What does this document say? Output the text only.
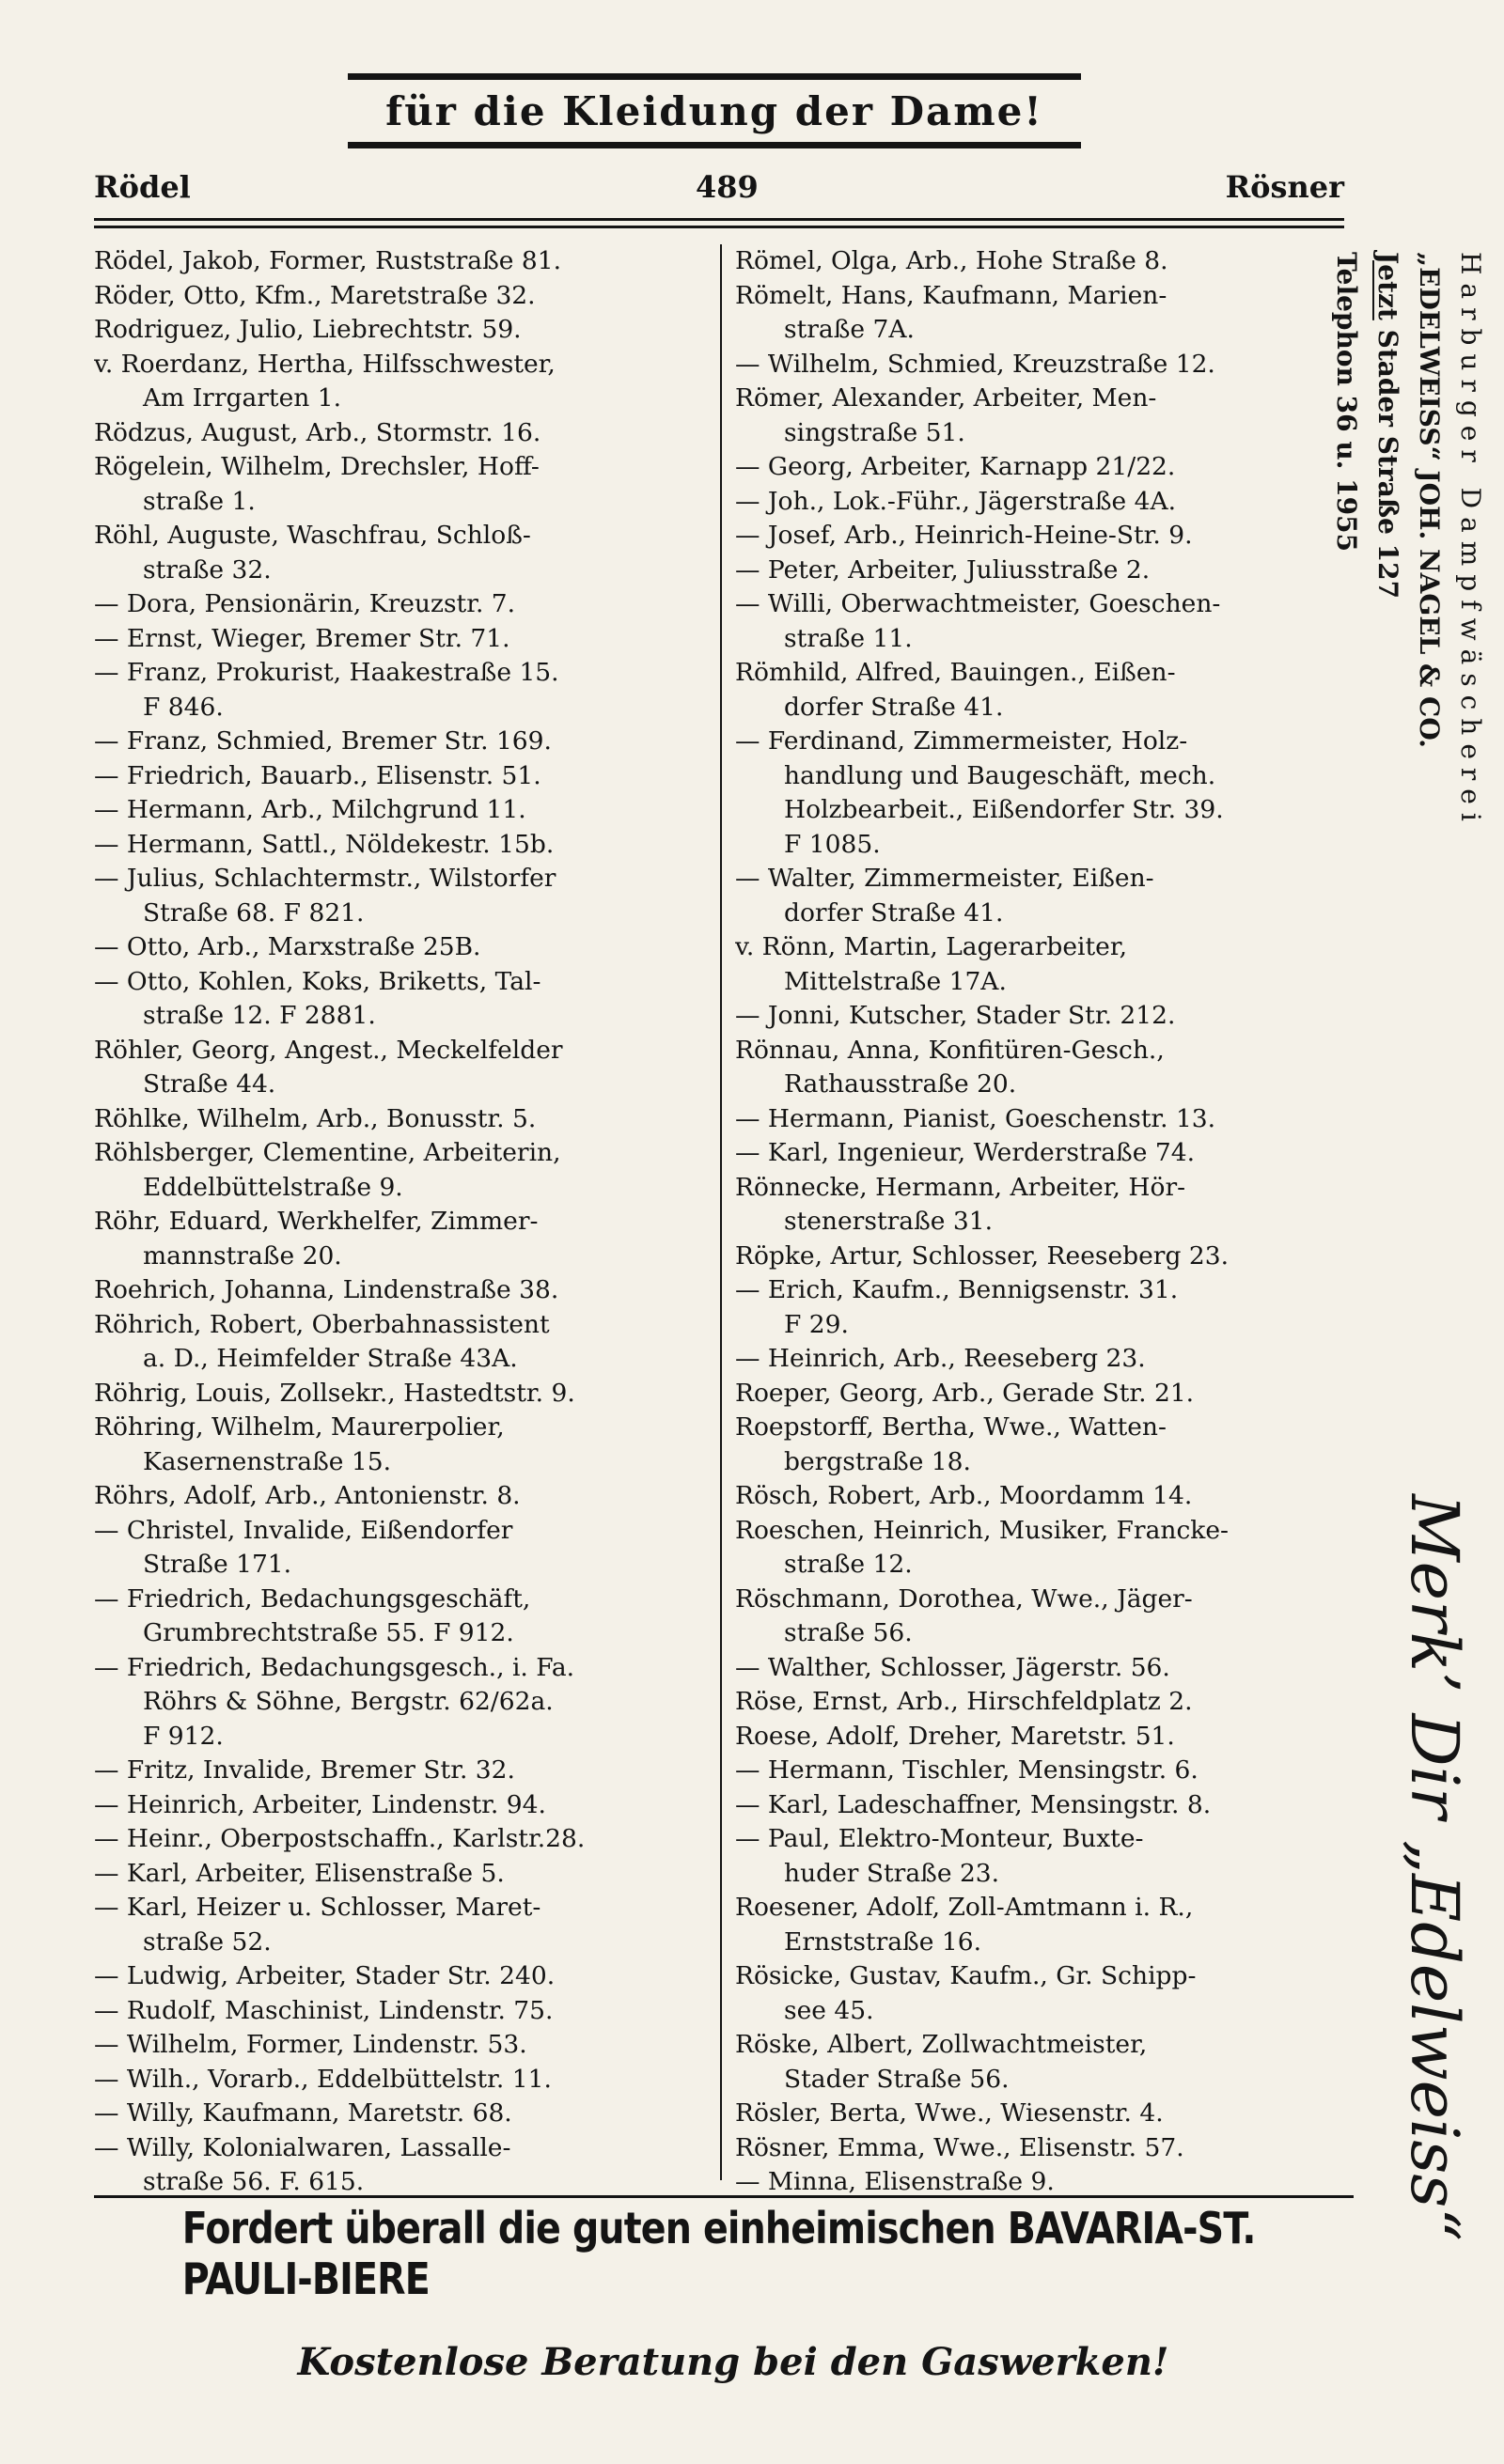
für die Kleidung der Dame!
Rödel	489	Rösner
Rödel, Jakob, Former, Ruststraße 81.
Röder, Otto, Kfm., Maretstraße 32.
Rodriguez, Julio, Liebrechtstr. 59.
v. Roerdanz, Hertha, Hilfsschwester,
Am Irrgarten 1.
Rödzus, August, Arb., Stormstr. 16.
Rögelein, Wilhelm, Drechsler, Hoff-
straße 1.
Röhl, Auguste, Waschfrau, Schloß-
straße 32.
— Dora, Pensionärin, Kreuzstr. 7.
— Ernst, Wieger, Bremer Str. 71.
— Franz, Prokurist, Haakestraße 15.
F 846.
— Franz, Schmied, Bremer Str. 169.
— Friedrich, Bauarb., Elisenstr. 51.
— Hermann, Arb., Milchgrund 11.
— Hermann, Sattl., Nöldekestr. 15b.
— Julius, Schlachtermstr., Wilstorfer
Straße 68. F 821.
— Otto, Arb., Marxstraße 25B.
— Otto, Kohlen, Koks, Briketts, Tal-
straße 12. F 2881.
Röhler, Georg, Angest., Meckelfelder
Straße 44.
Röhlke, Wilhelm, Arb., Bonusstr. 5.
Röhlsberger, Clementine, Arbeiterin,
Eddelbüttelstraße 9.
Röhr, Eduard, Werkhelfer, Zimmer-
mannstraße 20.
Roehrich, Johanna, Lindenstraße 38.
Röhrich, Robert, Oberbahnassistent
a. D., Heimfelder Straße 43A.
Röhrig, Louis, Zollsekr., Hastedtstr. 9.
Röhring, Wilhelm, Maurerpolier,
Kasernenstraße 15.
Röhrs, Adolf, Arb., Antonienstr. 8.
— Christel, Invalide, Eißendorfer
Straße 171.
— Friedrich, Bedachungsgeschäft,
Grumbrechtstraße 55. F 912.
— Friedrich, Bedachungsgesch., i. Fa.
Röhrs & Söhne, Bergstr. 62/62a.
F 912.
— Fritz, Invalide, Bremer Str. 32.
— Heinrich, Arbeiter, Lindenstr. 94.
— Heinr., Oberpostschaffn., Karlstr.28.
— Karl, Arbeiter, Elisenstraße 5.
— Karl, Heizer u. Schlosser, Maret-
straße 52.
— Ludwig, Arbeiter, Stader Str. 240.
— Rudolf, Maschinist, Lindenstr. 75.
— Wilhelm, Former, Lindenstr. 53.
— Wilh., Vorarb., Eddelbüttelstr. 11.
— Willy, Kaufmann, Maretstr. 68.
— Willy, Kolonialwaren, Lassalle-
straße 56. F. 615.
Römel, Olga, Arb., Hohe Straße 8.
Römelt, Hans, Kaufmann, Marien-
straße 7A.
— Wilhelm, Schmied, Kreuzstraße 12.
Römer, Alexander, Arbeiter, Men-
singstraße 51.
— Georg, Arbeiter, Karnapp 21/22.
— Joh., Lok.-Führ., Jägerstraße 4A.
— Josef, Arb., Heinrich-Heine-Str. 9.
— Peter, Arbeiter, Juliusstraße 2.
— Willi, Oberwachtmeister, Goeschen-
straße 11.
Römhild, Alfred, Bauingen., Eißen-
dorfer Straße 41.
— Ferdinand, Zimmermeister, Holz-
handlung und Baugeschäft, mech.
Holzbearbeit., Eißendorfer Str. 39.
F 1085.
— Walter, Zimmermeister, Eißen-
dorfer Straße 41.
v. Rönn, Martin, Lagerarbeiter,
Mittelstraße 17A.
— Jonni, Kutscher, Stader Str. 212.
Rönnau, Anna, Konfitüren-Gesch.,
Rathausstraße 20.
— Hermann, Pianist, Goeschenstr. 13.
— Karl, Ingenieur, Werderstraße 74.
Rönnecke, Hermann, Arbeiter, Hör-
stenerstraße 31.
Röpke, Artur, Schlosser, Reeseberg 23.
— Erich, Kaufm., Bennigsenstr. 31.
F 29.
— Heinrich, Arb., Reeseberg 23.
Roeper, Georg, Arb., Gerade Str. 21.
Roepstorff, Bertha, Wwe., Watten-
bergstraße 18.
Rösch, Robert, Arb., Moordamm 14.
Roeschen, Heinrich, Musiker, Francke-
straße 12.
Röschmann, Dorothea, Wwe., Jäger-
straße 56.
— Walther, Schlosser, Jägerstr. 56.
Röse, Ernst, Arb., Hirschfeldplatz 2.
Roese, Adolf, Dreher, Maretstr. 51.
— Hermann, Tischler, Mensingstr. 6.
— Karl, Ladeschaffner, Mensingstr. 8.
— Paul, Elektro-Monteur, Buxte-
huder Straße 23.
Roesener, Adolf, Zoll-Amtmann i. R.,
Ernststraße 16.
Rösicke, Gustav, Kaufm., Gr. Schipp-
see 45.
Röske, Albert, Zollwachtmeister,
Stader Straße 56.
Rösler, Berta, Wwe., Wiesenstr. 4.
Rösner, Emma, Wwe., Elisenstr. 57.
— Minna, Elisenstraße 9.
Harburger Dampfwäscherei
„EDELWEISS“ JOH. NAGEL & CO.
Jetzt Stader Straße 127
Telephon 36 u. 1955
Merk’ Dir „Edelweiss“
Fordert überall die guten einheimischen BAVARIA-ST. PAULI-BIERE
Kostenlose Beratung bei den Gaswerken!
